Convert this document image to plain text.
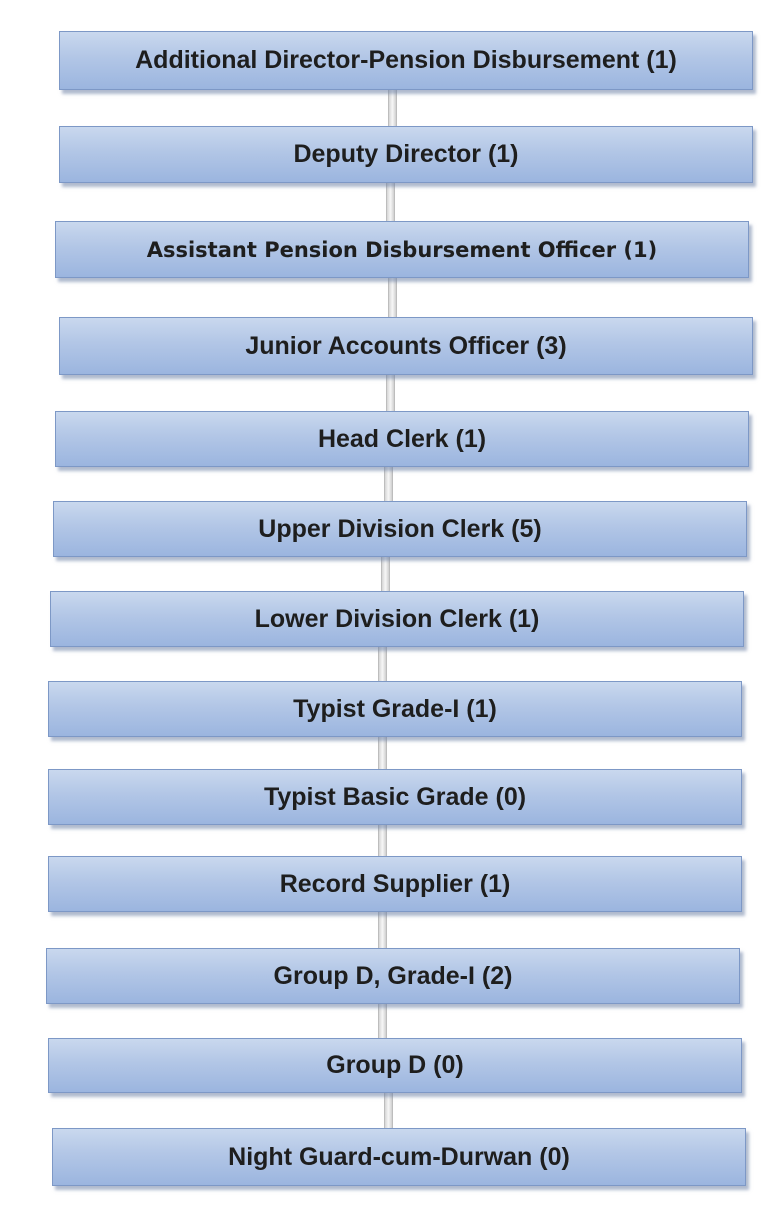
Additional Director-Pension Disbursement (1)
Deputy Director (1)
Assistant Pension Disbursement Officer (1)
Junior Accounts Officer (3)
Head Clerk (1)
Upper Division Clerk (5)
Lower Division Clerk (1)
Typist Grade-I (1)
Typist Basic Grade (0)
Record Supplier (1)
Group D, Grade-I (2)
Group D (0)
Night Guard-cum-Durwan (0)
